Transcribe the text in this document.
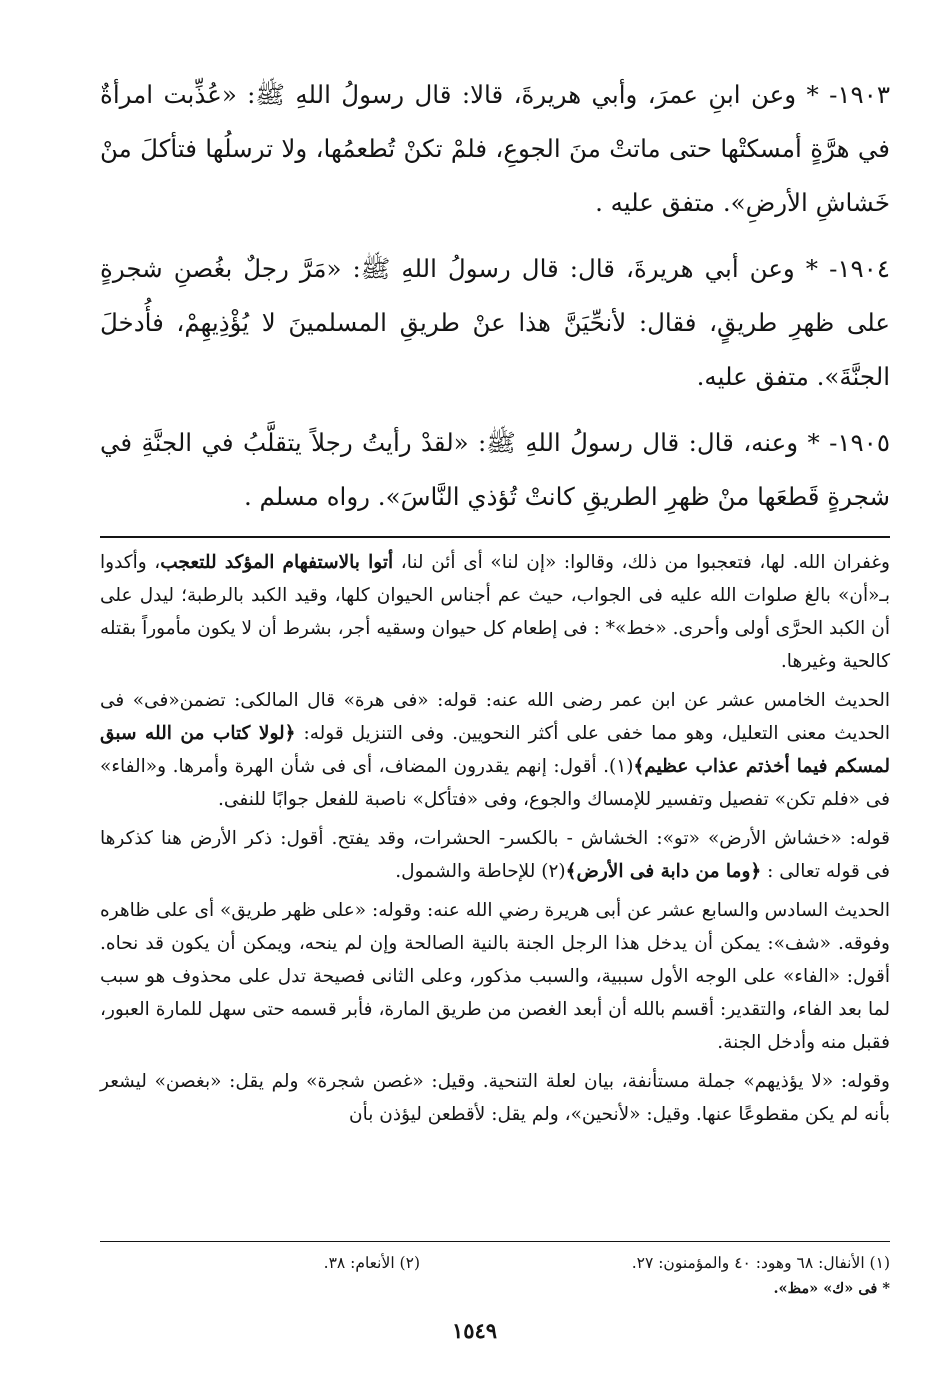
١٩٠٣- * وعن ابنِ عمرَ، وأبي هريرةَ، قالا: قال رسولُ اللهِ ﷺ: «عُذِّبت امرأةٌ في هرَّةٍ أمسكتْها حتى ماتتْ منَ الجوعِ، فلمْ تكنْ تُطعمُها، ولا ترسلُها فتأكلَ منْ خَشاشِ الأرضِ». متفق عليه .

١٩٠٤- * وعن أبي هريرةَ، قال: قال رسولُ اللهِ ﷺ: «مَرَّ رجلٌ بغُصنِ شجرةٍ على ظهرِ طريقٍ، فقال: لأنحِّيَنَّ هذا عنْ طريقِ المسلمينَ لا يُؤْذِيهِمْ، فأُدخلَ الجنَّةَ». متفق عليه.

١٩٠٥- * وعنه، قال: قال رسولُ اللهِ ﷺ: «لقدْ رأيتُ رجلاً يتقلَّبُ في الجنَّةِ في شجرةٍ قَطعَها منْ ظهرِ الطريقِ كانتْ تُؤذي النَّاسَ». رواه مسلم .

وغفران الله. لها، فتعجبوا من ذلك، وقالوا: «إن لنا» أى أئن لنا، أتوا بالاستفهام المؤكد للتعجب، وأكدوا بـ«أن» بالغ صلوات الله عليه فى الجواب، حيث عم أجناس الحيوان كلها، وقيد الكبد بالرطبة؛ ليدل على أن الكبد الحرَّى أولى وأحرى. «خط»* : فى إطعام كل حيوان وسقيه أجر، بشرط أن لا يكون مأموراً بقتله كالحية وغيرها.

الحديث الخامس عشر عن ابن عمر رضى الله عنه: قوله: «فى هرة» قال المالكى: تضمن«فى» فى الحديث معنى التعليل، وهو مما خفى على أكثر النحويين. وفى التنزيل قوله: ﴿لولا كتاب من الله سبق لمسكم فيما أخذتم عذاب عظيم﴾(١). أقول: إنهم يقدرون المضاف، أى فى شأن الهرة وأمرها. و«الفاء» فى «فلم تكن» تفصيل وتفسير للإمساك والجوع، وفى «فتأكل» ناصبة للفعل جوابًا للنفى.

قوله: «خشاش الأرض» «تو»: الخشاش - بالكسر- الحشرات، وقد يفتح. أقول: ذكر الأرض هنا كذكرها فى قوله تعالى : ﴿وما من دابة فى الأرض﴾(٢) للإحاطة والشمول.

الحديث السادس والسابع عشر عن أبى هريرة رضي الله عنه: وقوله: «على ظهر طريق» أى على ظاهره وفوقه. «شف»: يمكن أن يدخل هذا الرجل الجنة بالنية الصالحة وإن لم ينحه، ويمكن أن يكون قد نحاه. أقول: «الفاء» على الوجه الأول سببية، والسبب مذكور، وعلى الثانى فصيحة تدل على محذوف هو سبب لما بعد الفاء، والتقدير: أقسم بالله أن أبعد الغصن من طريق المارة، فأبر قسمه حتى سهل للمارة العبور، فقبل منه وأدخل الجنة.

وقوله: «لا يؤذيهم» جملة مستأنفة، بيان لعلة التنحية. وقيل: «غصن شجرة» ولم يقل: «بغصن» ليشعر بأنه لم يكن مقطوعًا عنها. وقيل: «لأنحين»، ولم يقل: لأقطعن ليؤذن بأن

(١) الأنفال: ٦٨ وهود: ٤٠ والمؤمنون: ٢٧.
(٢) الأنعام: ٣٨.
* فى «ك» «مظ».
١٥٤٩
